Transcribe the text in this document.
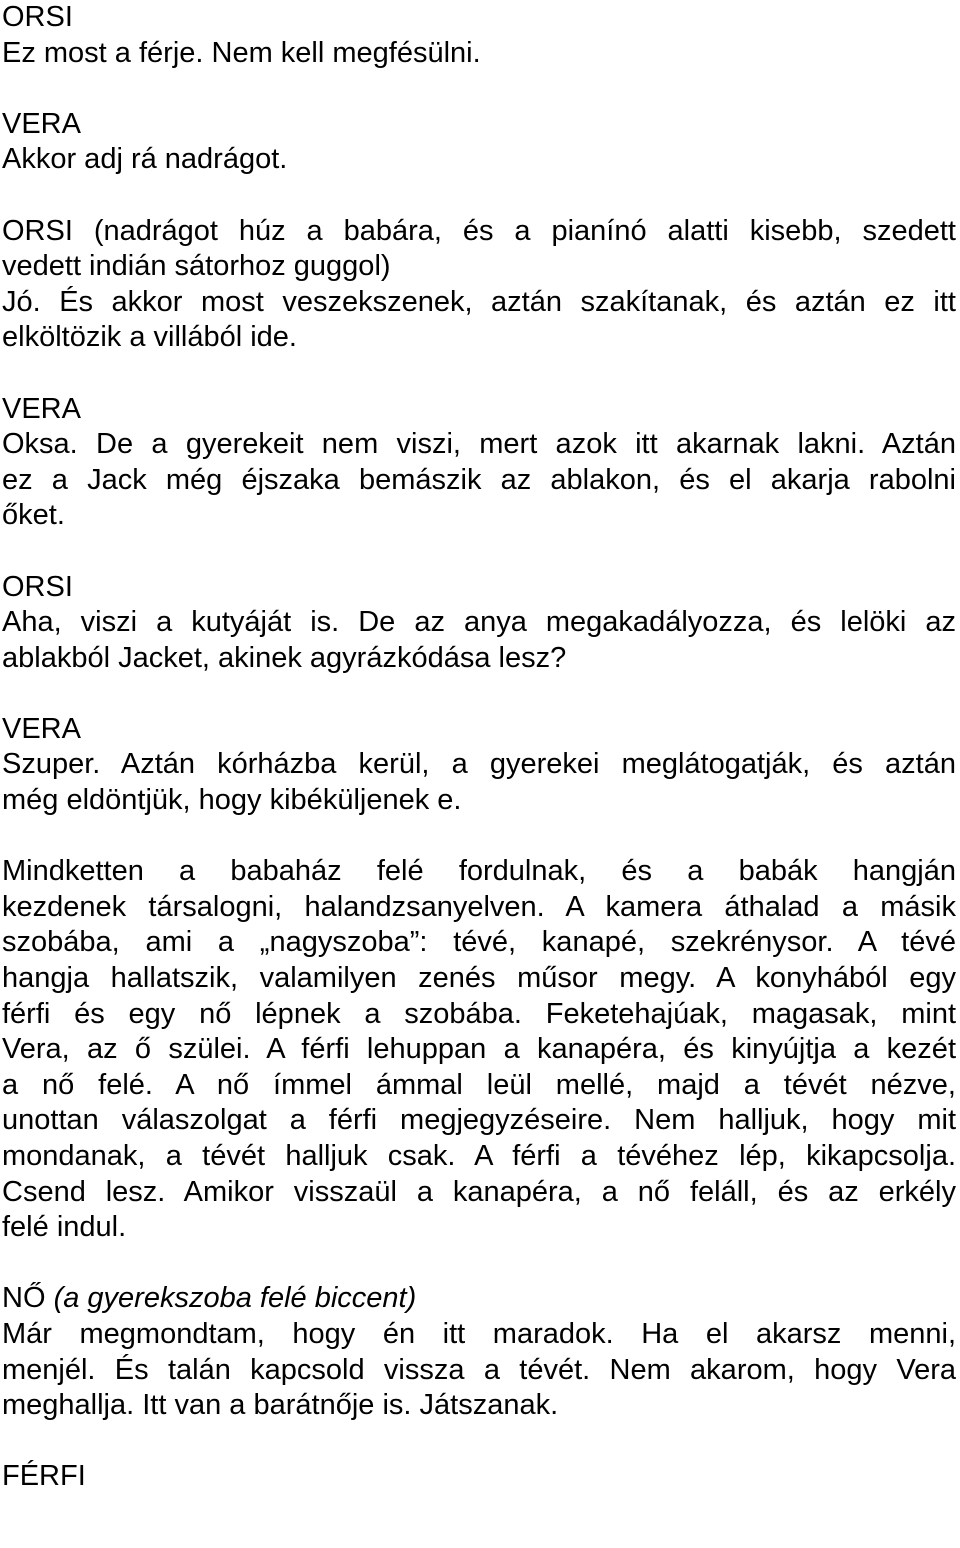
ORSI
Ez most a férje. Nem kell megfésülni.
VERA
Akkor adj rá nadrágot.
ORSI (nadrágot húz a babára, és a pianínó alatti kisebb, szedett
vedett indián sátorhoz guggol)
Jó. És akkor most veszekszenek, aztán szakítanak, és aztán ez itt
elköltözik a villából ide.
VERA
Oksa. De a gyerekeit nem viszi, mert azok itt akarnak lakni. Aztán
ez a Jack még éjszaka bemászik az ablakon, és el akarja rabolni
őket.
ORSI
Aha, viszi a kutyáját is. De az anya megakadályozza, és lelöki az
ablakból Jacket, akinek agyrázkódása lesz?
VERA
Szuper. Aztán kórházba kerül, a gyerekei meglátogatják, és aztán
még eldöntjük, hogy kibéküljenek e.
Mindketten a babaház felé fordulnak, és a babák hangján
kezdenek társalogni, halandzsanyelven. A kamera áthalad a másik
szobába, ami a „nagyszoba”: tévé, kanapé, szekrénysor. A tévé
hangja hallatszik, valamilyen zenés műsor megy. A konyhából egy
férfi és egy nő lépnek a szobába. Feketehajúak, magasak, mint
Vera, az ő szülei. A férfi lehuppan a kanapéra, és kinyújtja a kezét
a nő felé. A nő ímmel ámmal leül mellé, majd a tévét nézve,
unottan válaszolgat a férfi megjegyzéseire. Nem halljuk, hogy mit
mondanak, a tévét halljuk csak. A férfi a tévéhez lép, kikapcsolja.
Csend lesz. Amikor visszaül a kanapéra, a nő feláll, és az erkély
felé indul.
NŐ (a gyerekszoba felé biccent)
Már megmondtam, hogy én itt maradok. Ha el akarsz menni,
menjél. És talán kapcsold vissza a tévét. Nem akarom, hogy Vera
meghallja. Itt van a barátnője is. Játszanak.
FÉRFI
